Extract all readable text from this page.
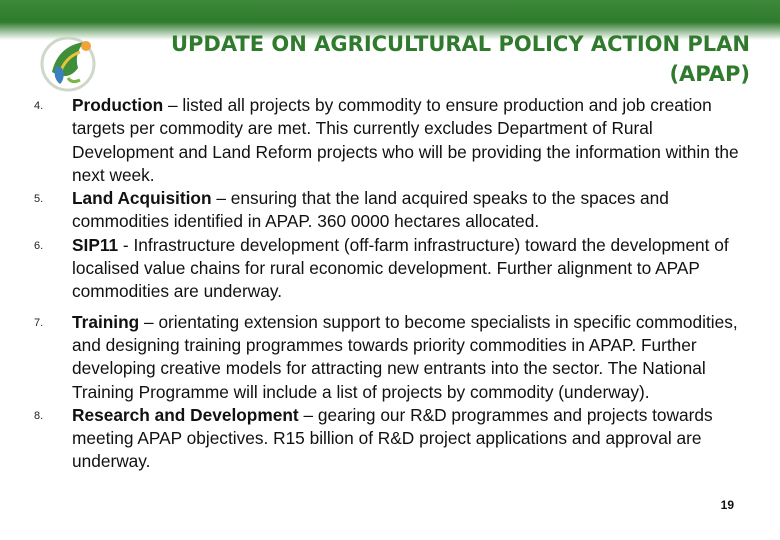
UPDATE ON AGRICULTURAL POLICY ACTION PLAN
(APAP)
4. Production – listed all projects by commodity to ensure production and job creation targets per commodity are met. This currently excludes Department of Rural Development and Land Reform projects who will be providing the information within the next week.
5. Land Acquisition – ensuring that the land acquired speaks to the spaces and commodities identified in APAP. 360 0000 hectares allocated.
6. SIP11 - Infrastructure development (off-farm infrastructure) toward the development of localised value chains for rural economic development. Further alignment to APAP commodities are underway.
7. Training – orientating extension support to become specialists in specific commodities, and designing training programmes towards priority commodities in APAP. Further developing creative models for attracting new entrants into the sector. The National Training Programme will include a list of projects by commodity (underway).
8. Research and Development – gearing our R&D programmes and projects towards meeting APAP objectives. R15 billion of R&D project applications and approval are underway.
19
